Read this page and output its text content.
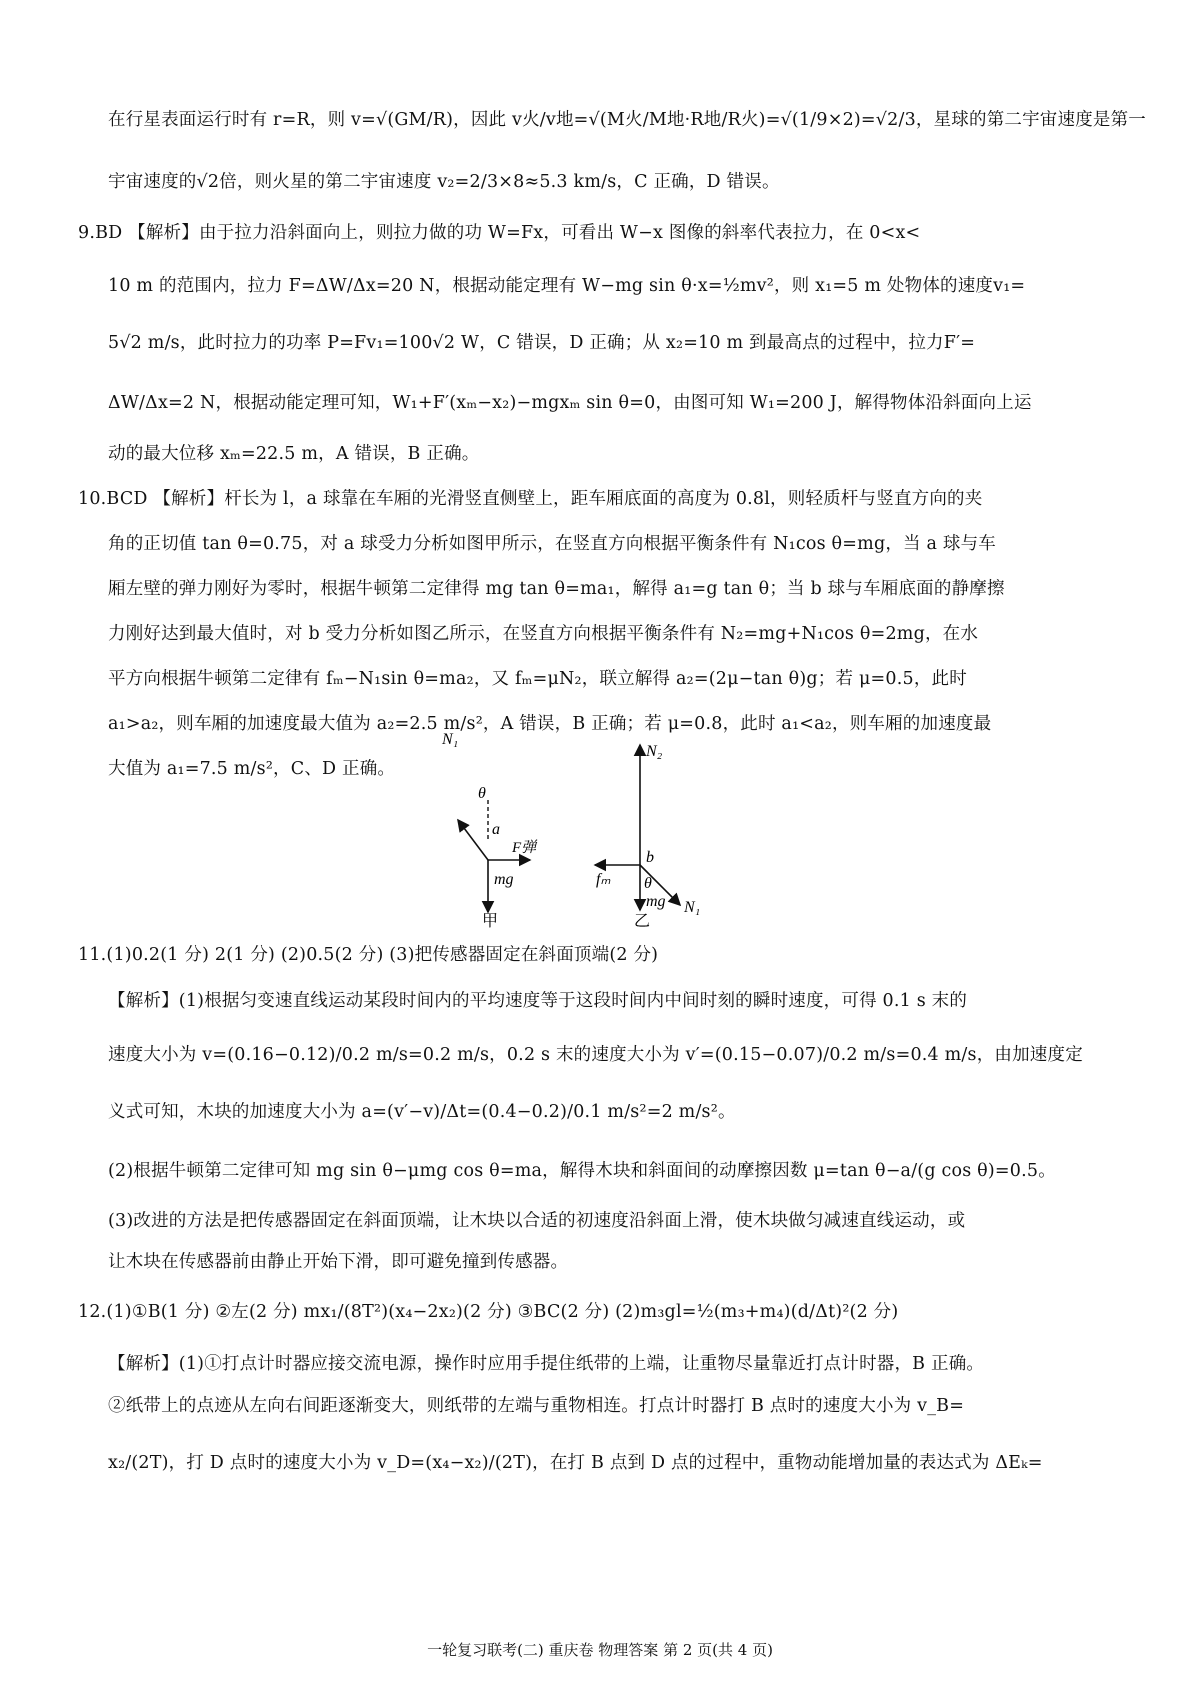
在行星表面运行时有 r=R，则 v=√(GM/R)，因此 v火/v地=√(M火/M地·R地/R火)=√(1/9×2)=√2/3，星球的第二宇宙速度是第一
宇宙速度的√2倍，则火星的第二宇宙速度 v₂=2/3×8≈5.3 km/s，C 正确，D 错误。
9.BD 【解析】由于拉力沿斜面向上，则拉力做的功 W=Fx，可看出 W−x 图像的斜率代表拉力，在 0<x<
10 m 的范围内，拉力 F=ΔW/Δx=20 N，根据动能定理有 W−mg sin θ·x=½mv²，则 x₁=5 m 处物体的速度v₁=
5√2 m/s，此时拉力的功率 P=Fv₁=100√2 W，C 错误，D 正确；从 x₂=10 m 到最高点的过程中，拉力F′=
ΔW/Δx=2 N，根据动能定理可知，W₁+F′(xₘ−x₂)−mgxₘ sin θ=0，由图可知 W₁=200 J，解得物体沿斜面向上运
动的最大位移 xₘ=22.5 m，A 错误，B 正确。
10.BCD 【解析】杆长为 l，a 球靠在车厢的光滑竖直侧壁上，距车厢底面的高度为 0.8l，则轻质杆与竖直方向的夹
角的正切值 tan θ=0.75，对 a 球受力分析如图甲所示，在竖直方向根据平衡条件有 N₁cos θ=mg，当 a 球与车
厢左壁的弹力刚好为零时，根据牛顿第二定律得 mg tan θ=ma₁，解得 a₁=g tan θ；当 b 球与车厢底面的静摩擦
力刚好达到最大值时，对 b 受力分析如图乙所示，在竖直方向根据平衡条件有 N₂=mg+N₁cos θ=2mg，在水
平方向根据牛顿第二定律有 fₘ−N₁sin θ=ma₂，又 fₘ=μN₂，联立解得 a₂=(2μ−tan θ)g；若 μ=0.5，此时
a₁>a₂，则车厢的加速度最大值为 a₂=2.5 m/s²，A 错误，B 正确；若 μ=0.8，此时 a₁<a₂，则车厢的加速度最
大值为 a₁=7.5 m/s²，C、D 正确。
N₁
θ
a
F弹
mg
甲
N₂
b
fₘ θ
mg N₁
乙
11.(1)0.2(1 分) 2(1 分) (2)0.5(2 分) (3)把传感器固定在斜面顶端(2 分)
【解析】(1)根据匀变速直线运动某段时间内的平均速度等于这段时间内中间时刻的瞬时速度，可得 0.1 s 末的
速度大小为 v=(0.16−0.12)/0.2 m/s=0.2 m/s，0.2 s 末的速度大小为 v′=(0.15−0.07)/0.2 m/s=0.4 m/s，由加速度定
义式可知，木块的加速度大小为 a=(v′−v)/Δt=(0.4−0.2)/0.1 m/s²=2 m/s²。
(2)根据牛顿第二定律可知 mg sin θ−μmg cos θ=ma，解得木块和斜面间的动摩擦因数 μ=tan θ−a/(g cos θ)=0.5。
(3)改进的方法是把传感器固定在斜面顶端，让木块以合适的初速度沿斜面上滑，使木块做匀减速直线运动，或
让木块在传感器前由静止开始下滑，即可避免撞到传感器。
12.(1)①B(1 分) ②左(2 分) mx₁/(8T²)(x₄−2x₂)(2 分) ③BC(2 分) (2)m₃gl=½(m₃+m₄)(d/Δt)²(2 分)
【解析】(1)①打点计时器应接交流电源，操作时应用手提住纸带的上端，让重物尽量靠近打点计时器，B 正确。
②纸带上的点迹从左向右间距逐渐变大，则纸带的左端与重物相连。打点计时器打 B 点时的速度大小为 v_B=
x₂/(2T)，打 D 点时的速度大小为 v_D=(x₄−x₂)/(2T)，在打 B 点到 D 点的过程中，重物动能增加量的表达式为 ΔEₖ=
一轮复习联考(二) 重庆卷 物理答案 第 2 页(共 4 页)
